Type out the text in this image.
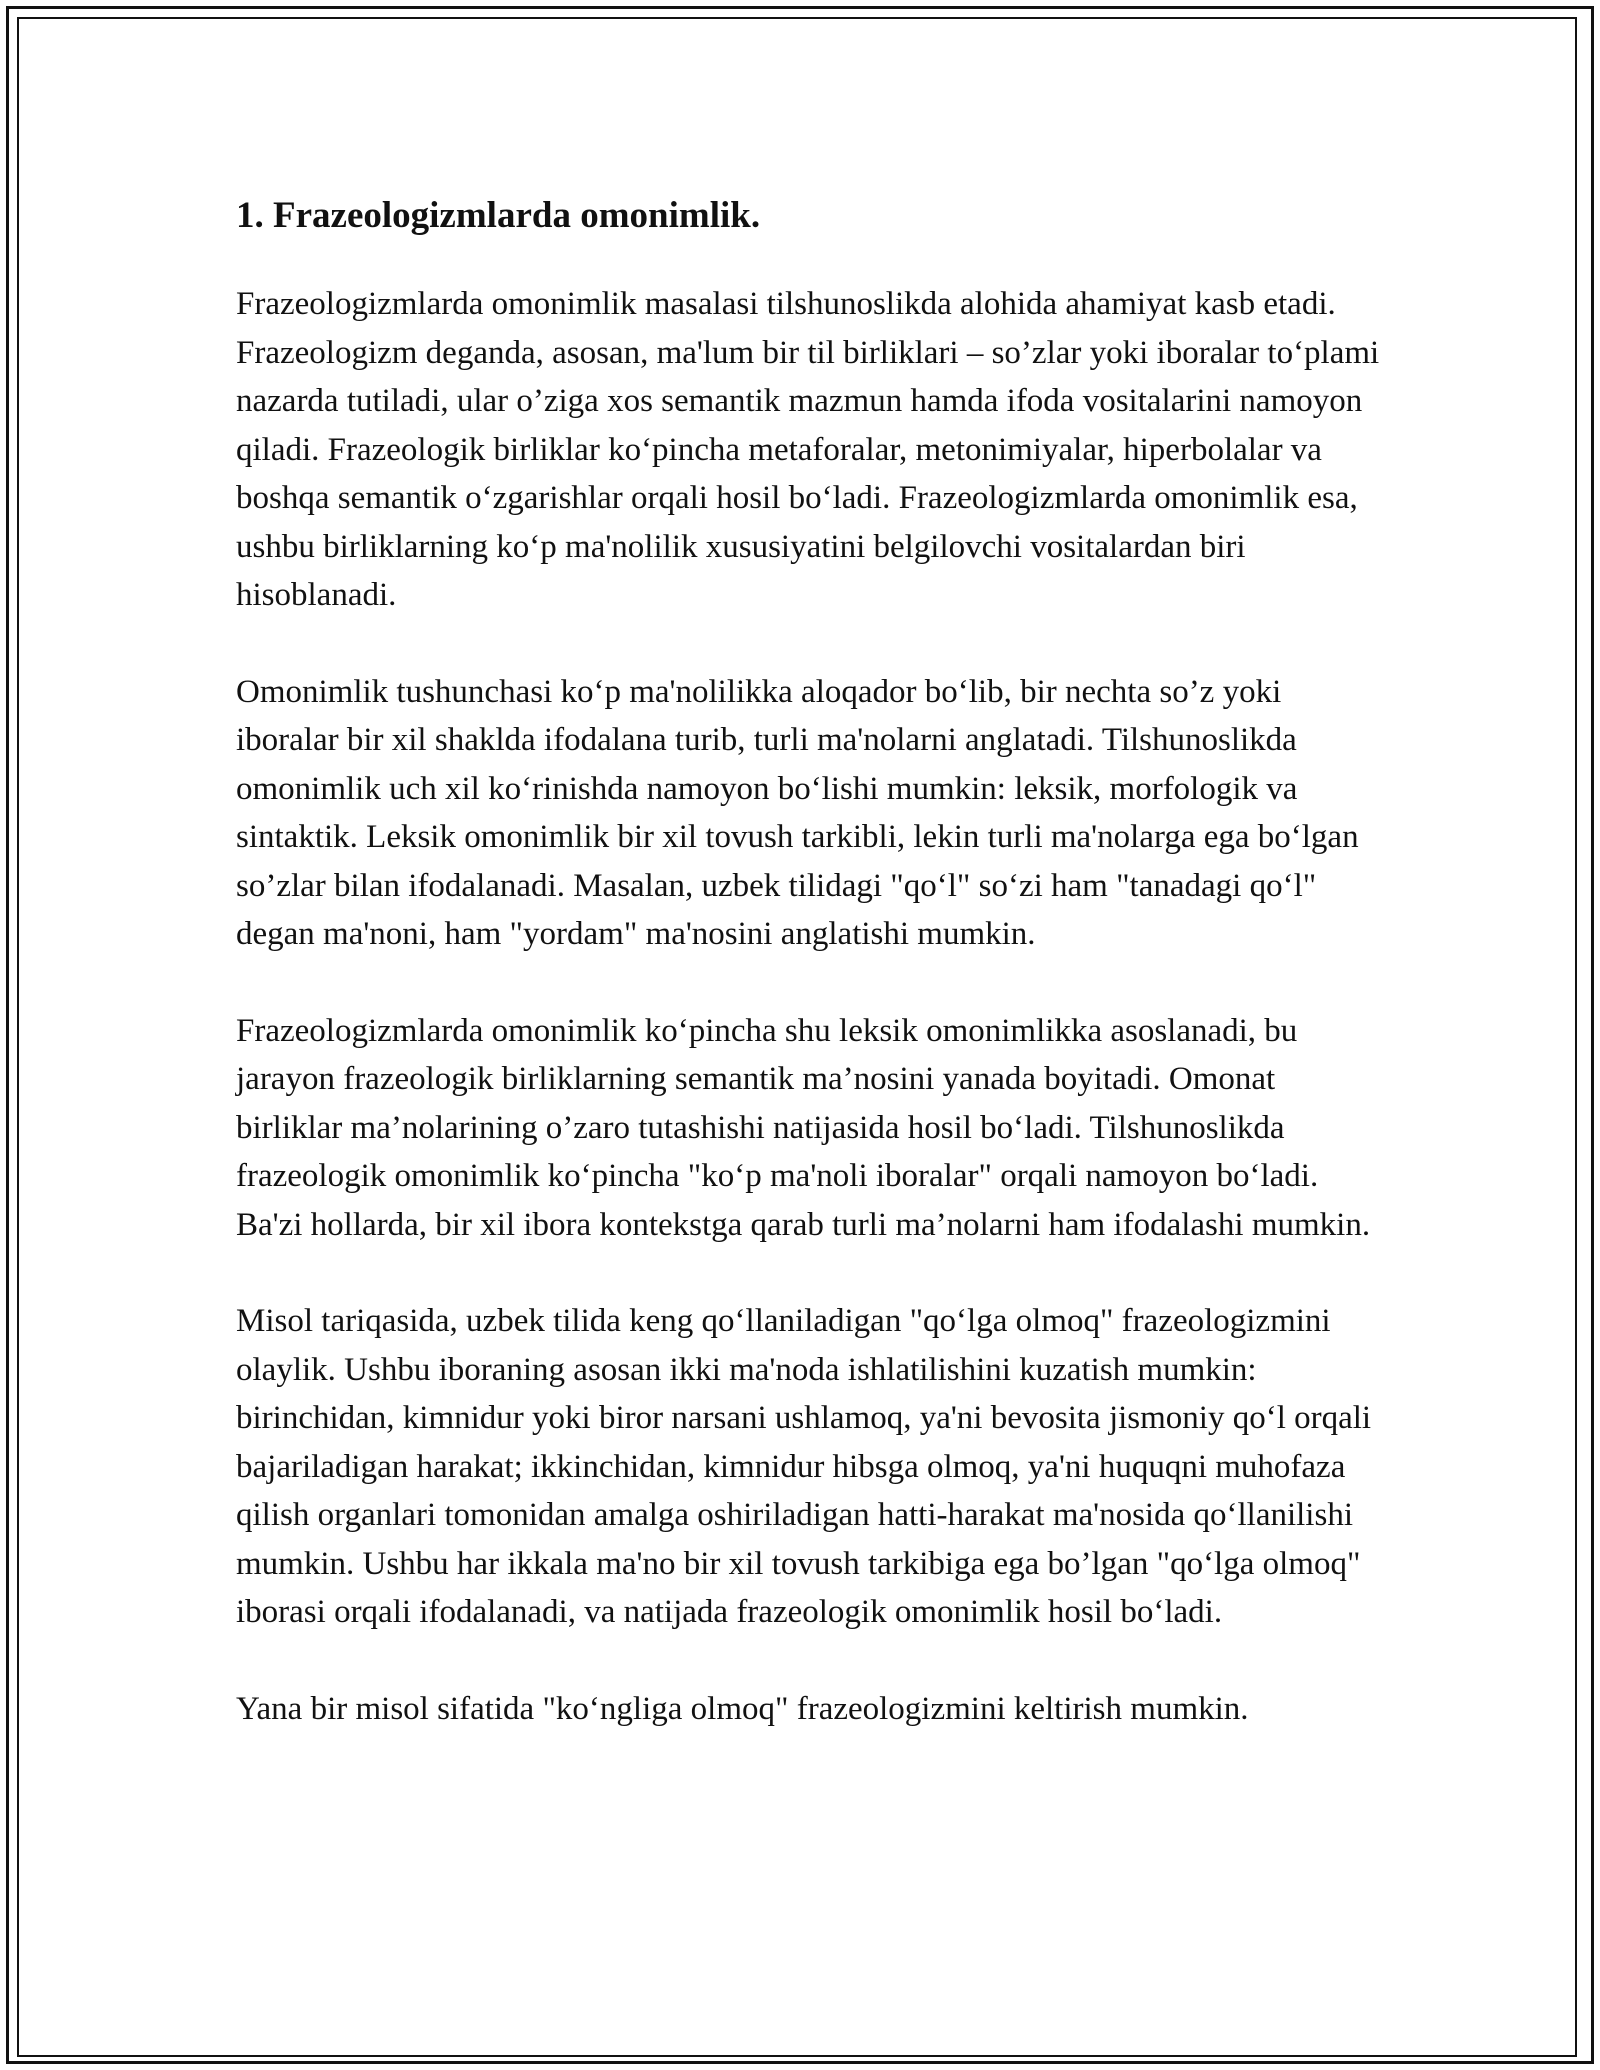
1. Frazeologizmlarda omonimlik.

Frazeologizmlarda omonimlik masalasi tilshunoslikda alohida ahamiyat kasb etadi. Frazeologizm deganda, asosan, ma'lum bir til birliklari – so’zlar yoki iboralar to‘plami nazarda tutiladi, ular o’ziga xos semantik mazmun hamda ifoda vositalarini namoyon qiladi. Frazeologik birliklar ko‘pincha metaforalar, metonimiyalar, hiperbolalar va boshqa semantik o‘zgarishlar orqali hosil bo‘ladi. Frazeologizmlarda omonimlik esa, ushbu birliklarning ko‘p ma'nolilik xususiyatini belgilovchi vositalardan biri hisoblanadi.

Omonimlik tushunchasi ko‘p ma'nolilikka aloqador bo‘lib, bir nechta so’z yoki iboralar bir xil shaklda ifodalana turib, turli ma'nolarni anglatadi. Tilshunoslikda omonimlik uch xil ko‘rinishda namoyon bo‘lishi mumkin: leksik, morfologik va sintaktik. Leksik omonimlik bir xil tovush tarkibli, lekin turli ma'nolarga ega bo‘lgan so’zlar bilan ifodalanadi. Masalan, uzbek tilidagi "qo‘l" so‘zi ham "tanadagi qo‘l" degan ma'noni, ham "yordam" ma'nosini anglatishi mumkin.

Frazeologizmlarda omonimlik ko‘pincha shu leksik omonimlikka asoslanadi, bu jarayon frazeologik birliklarning semantik ma’nosini yanada boyitadi. Omonat birliklar ma’nolarining o’zaro tutashishi natijasida hosil bo‘ladi. Tilshunoslikda frazeologik omonimlik ko‘pincha "ko‘p ma'noli iboralar" orqali namoyon bo‘ladi. Ba'zi hollarda, bir xil ibora kontekstga qarab turli ma’nolarni ham ifodalashi mumkin.

Misol tariqasida, uzbek tilida keng qo‘llaniladigan "qo‘lga olmoq" frazeologizmini olaylik. Ushbu iboraning asosan ikki ma'noda ishlatilishini kuzatish mumkin: birinchidan, kimnidur yoki biror narsani ushlamoq, ya'ni bevosita jismoniy qo‘l orqali bajariladigan harakat; ikkinchidan, kimnidur hibsga olmoq, ya'ni huquqni muhofaza qilish organlari tomonidan amalga oshiriladigan hatti-harakat ma'nosida qo‘llanilishi mumkin. Ushbu har ikkala ma'no bir xil tovush tarkibiga ega bo’lgan "qo‘lga olmoq" iborasi orqali ifodalanadi, va natijada frazeologik omonimlik hosil bo‘ladi.

Yana bir misol sifatida "ko‘ngliga olmoq" frazeologizmini keltirish mumkin.
